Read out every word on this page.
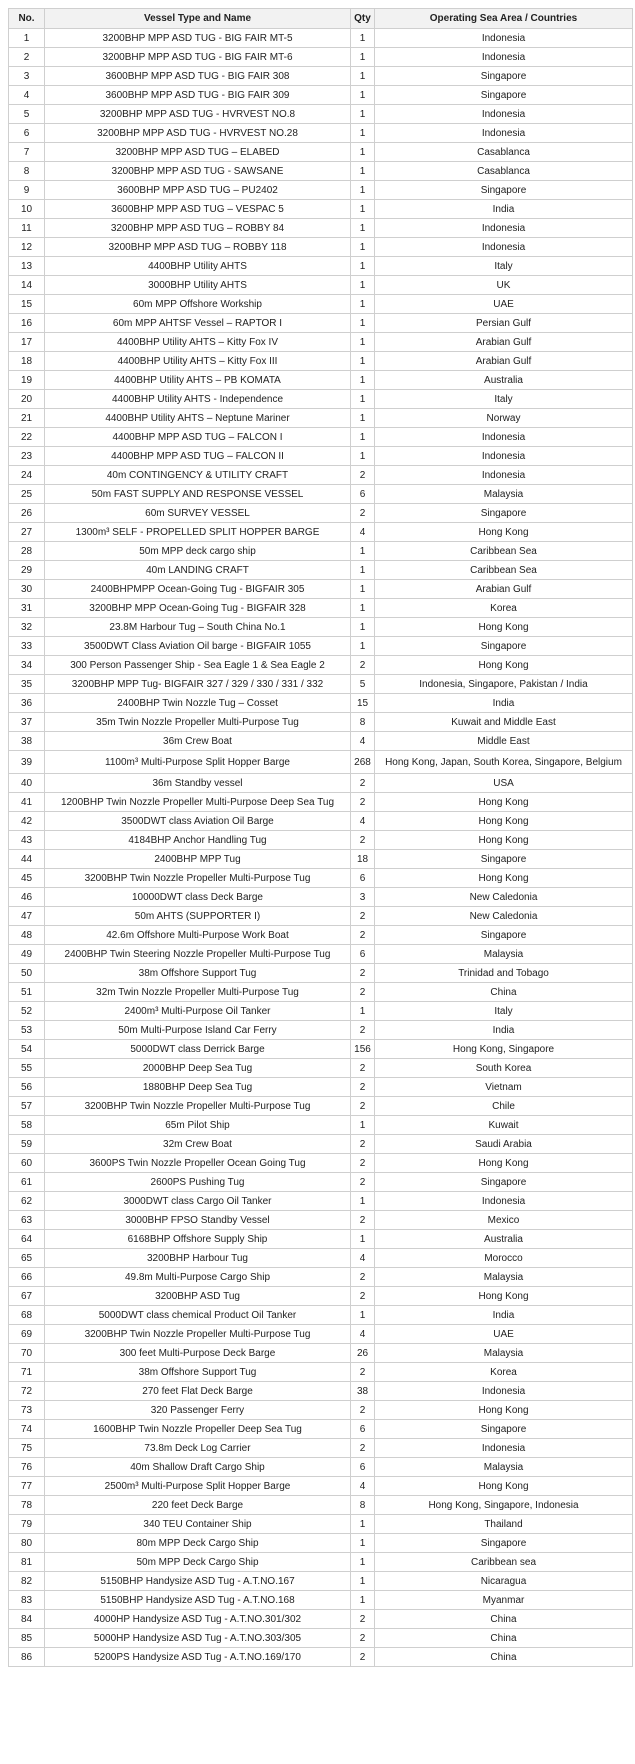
No.	Vessel Type and Name	Qty	Operating Sea Area / Countries
1	3200BHP MPP ASD TUG - BIG FAIR MT-5	1	Indonesia
2	3200BHP MPP ASD TUG - BIG FAIR MT-6	1	Indonesia
3	3600BHP MPP ASD TUG - BIG FAIR 308	1	Singapore
4	3600BHP MPP ASD TUG - BIG FAIR 309	1	Singapore
5	3200BHP MPP ASD TUG - HVRVEST NO.8	1	Indonesia
6	3200BHP MPP ASD TUG - HVRVEST NO.28	1	Indonesia
7	3200BHP MPP ASD TUG – ELABED	1	Casablanca
8	3200BHP MPP ASD TUG - SAWSANE	1	Casablanca
9	3600BHP MPP ASD TUG – PU2402	1	Singapore
10	3600BHP MPP ASD TUG – VESPAC 5	1	India
11	3200BHP MPP ASD TUG – ROBBY 84	1	Indonesia
12	3200BHP MPP ASD TUG – ROBBY 118	1	Indonesia
13	4400BHP Utility AHTS	1	Italy
14	3000BHP Utility AHTS	1	UK
15	60m MPP Offshore Workship	1	UAE
16	60m MPP AHTSF Vessel – RAPTOR I	1	Persian Gulf
17	4400BHP Utility AHTS – Kitty Fox IV	1	Arabian Gulf
18	4400BHP Utility AHTS – Kitty Fox III	1	Arabian Gulf
19	4400BHP Utility AHTS – PB KOMATA	1	Australia
20	4400BHP Utility AHTS - Independence	1	Italy
21	4400BHP Utility AHTS – Neptune Mariner	1	Norway
22	4400BHP MPP ASD TUG – FALCON I	1	Indonesia
23	4400BHP MPP ASD TUG – FALCON II	1	Indonesia
24	40m CONTINGENCY & UTILITY CRAFT	2	Indonesia
25	50m FAST SUPPLY AND RESPONSE VESSEL	6	Malaysia
26	60m SURVEY VESSEL	2	Singapore
27	1300m³ SELF - PROPELLED SPLIT HOPPER BARGE	4	Hong Kong
28	50m MPP deck cargo ship	1	Caribbean Sea
29	40m LANDING CRAFT	1	Caribbean Sea
30	2400BHPMPP Ocean-Going Tug - BIGFAIR 305	1	Arabian Gulf
31	3200BHP MPP Ocean-Going Tug - BIGFAIR 328	1	Korea
32	23.8M Harbour Tug – South China No.1	1	Hong Kong
33	3500DWT Class Aviation Oil barge - BIGFAIR 1055	1	Singapore
34	300 Person Passenger Ship - Sea Eagle 1 & Sea Eagle 2	2	Hong Kong
35	3200BHP MPP Tug- BIGFAIR 327 / 329 / 330 / 331 / 332	5	Indonesia, Singapore, Pakistan / India
36	2400BHP Twin Nozzle Tug – Cosset	15	India
37	35m Twin Nozzle Propeller Multi-Purpose Tug	8	Kuwait and Middle East
38	36m Crew Boat	4	Middle East
39	1100m³ Multi-Purpose Split Hopper Barge	268	Hong Kong, Japan, South Korea, Singapore, Belgium
40	36m Standby vessel	2	USA
41	1200BHP Twin Nozzle Propeller Multi-Purpose Deep Sea Tug	2	Hong Kong
42	3500DWT class Aviation Oil Barge	4	Hong Kong
43	4184BHP Anchor Handling Tug	2	Hong Kong
44	2400BHP MPP Tug	18	Singapore
45	3200BHP Twin Nozzle Propeller Multi-Purpose Tug	6	Hong Kong
46	10000DWT class Deck Barge	3	New Caledonia
47	50m AHTS (SUPPORTER I)	2	New Caledonia
48	42.6m Offshore Multi-Purpose Work Boat	2	Singapore
49	2400BHP Twin Steering Nozzle Propeller Multi-Purpose Tug	6	Malaysia
50	38m Offshore Support Tug	2	Trinidad and Tobago
51	32m Twin Nozzle Propeller Multi-Purpose Tug	2	China
52	2400m³ Multi-Purpose Oil Tanker	1	Italy
53	50m Multi-Purpose Island Car Ferry	2	India
54	5000DWT class Derrick Barge	156	Hong Kong, Singapore
55	2000BHP Deep Sea Tug	2	South Korea
56	1880BHP Deep Sea Tug	2	Vietnam
57	3200BHP Twin Nozzle Propeller Multi-Purpose Tug	2	Chile
58	65m Pilot Ship	1	Kuwait
59	32m Crew Boat	2	Saudi Arabia
60	3600PS Twin Nozzle Propeller Ocean Going Tug	2	Hong Kong
61	2600PS Pushing Tug	2	Singapore
62	3000DWT class Cargo Oil Tanker	1	Indonesia
63	3000BHP FPSO Standby Vessel	2	Mexico
64	6168BHP Offshore Supply Ship	1	Australia
65	3200BHP Harbour Tug	4	Morocco
66	49.8m Multi-Purpose Cargo Ship	2	Malaysia
67	3200BHP ASD Tug	2	Hong Kong
68	5000DWT class chemical Product Oil Tanker	1	India
69	3200BHP Twin Nozzle Propeller Multi-Purpose Tug	4	UAE
70	300 feet Multi-Purpose Deck Barge	26	Malaysia
71	38m Offshore Support Tug	2	Korea
72	270 feet Flat Deck Barge	38	Indonesia
73	320 Passenger Ferry	2	Hong Kong
74	1600BHP Twin Nozzle Propeller Deep Sea Tug	6	Singapore
75	73.8m Deck Log Carrier	2	Indonesia
76	40m Shallow Draft Cargo Ship	6	Malaysia
77	2500m³ Multi-Purpose Split Hopper Barge	4	Hong Kong
78	220 feet Deck Barge	8	Hong Kong, Singapore, Indonesia
79	340 TEU Container Ship	1	Thailand
80	80m MPP Deck Cargo Ship	1	Singapore
81	50m MPP Deck Cargo Ship	1	Caribbean sea
82	5150BHP Handysize ASD Tug - A.T.NO.167	1	Nicaragua
83	5150BHP Handysize ASD Tug - A.T.NO.168	1	Myanmar
84	4000HP Handysize ASD Tug - A.T.NO.301/302	2	China
85	5000HP Handysize ASD Tug - A.T.NO.303/305	2	China
86	5200PS Handysize ASD Tug - A.T.NO.169/170	2	China
